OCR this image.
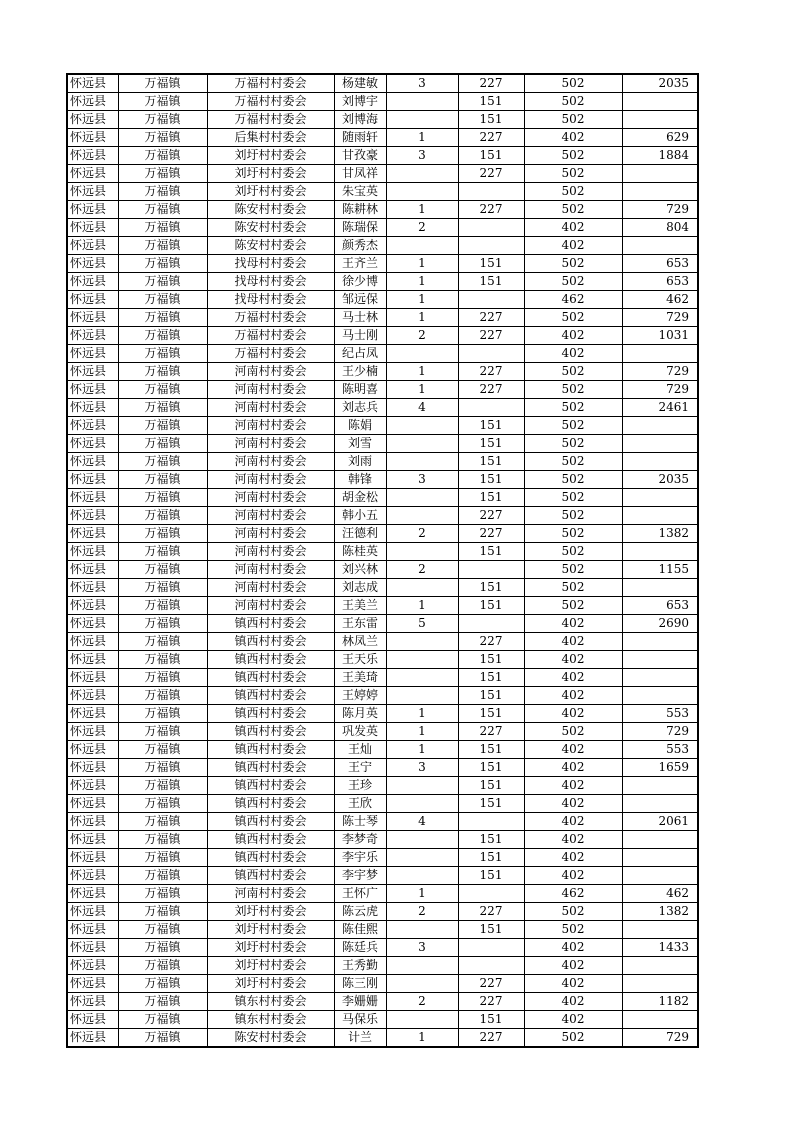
怀远县	万福镇	万福村村委会	杨建敏	3	227	502	2035
怀远县	万福镇	万福村村委会	刘博宇		151	502	
怀远县	万福镇	万福村村委会	刘博海		151	502	
怀远县	万福镇	后集村村委会	随雨轩	1	227	402	629
怀远县	万福镇	刘圩村村委会	甘孜豪	3	151	502	1884
怀远县	万福镇	刘圩村村委会	甘凤祥		227	502	
怀远县	万福镇	刘圩村村委会	朱宝英			502	
怀远县	万福镇	陈安村村委会	陈耕林	1	227	502	729
怀远县	万福镇	陈安村村委会	陈瑞保	2		402	804
怀远县	万福镇	陈安村村委会	颜秀杰			402	
怀远县	万福镇	找母村村委会	王齐兰	1	151	502	653
怀远县	万福镇	找母村村委会	徐少博	1	151	502	653
怀远县	万福镇	找母村村委会	邹远保	1		462	462
怀远县	万福镇	万福村村委会	马士林	1	227	502	729
怀远县	万福镇	万福村村委会	马士刚	2	227	402	1031
怀远县	万福镇	万福村村委会	纪占凤			402	
怀远县	万福镇	河南村村委会	王少楠	1	227	502	729
怀远县	万福镇	河南村村委会	陈明喜	1	227	502	729
怀远县	万福镇	河南村村委会	刘志兵	4		502	2461
怀远县	万福镇	河南村村委会	陈娟		151	502	
怀远县	万福镇	河南村村委会	刘雪		151	502	
怀远县	万福镇	河南村村委会	刘雨		151	502	
怀远县	万福镇	河南村村委会	韩锋	3	151	502	2035
怀远县	万福镇	河南村村委会	胡金松		151	502	
怀远县	万福镇	河南村村委会	韩小五		227	502	
怀远县	万福镇	河南村村委会	汪德利	2	227	502	1382
怀远县	万福镇	河南村村委会	陈桂英		151	502	
怀远县	万福镇	河南村村委会	刘兴林	2		502	1155
怀远县	万福镇	河南村村委会	刘志成		151	502	
怀远县	万福镇	河南村村委会	王美兰	1	151	502	653
怀远县	万福镇	镇西村村委会	王东雷	5		402	2690
怀远县	万福镇	镇西村村委会	林凤兰		227	402	
怀远县	万福镇	镇西村村委会	王天乐		151	402	
怀远县	万福镇	镇西村村委会	王美琦		151	402	
怀远县	万福镇	镇西村村委会	王婷婷		151	402	
怀远县	万福镇	镇西村村委会	陈月英	1	151	402	553
怀远县	万福镇	镇西村村委会	巩发英	1	227	502	729
怀远县	万福镇	镇西村村委会	王灿	1	151	402	553
怀远县	万福镇	镇西村村委会	王宁	3	151	402	1659
怀远县	万福镇	镇西村村委会	王珍		151	402	
怀远县	万福镇	镇西村村委会	王欣		151	402	
怀远县	万福镇	镇西村村委会	陈士琴	4		402	2061
怀远县	万福镇	镇西村村委会	李梦奇		151	402	
怀远县	万福镇	镇西村村委会	李宇乐		151	402	
怀远县	万福镇	镇西村村委会	李宇梦		151	402	
怀远县	万福镇	河南村村委会	王怀广	1		462	462
怀远县	万福镇	刘圩村村委会	陈云虎	2	227	502	1382
怀远县	万福镇	刘圩村村委会	陈佳熙		151	502	
怀远县	万福镇	刘圩村村委会	陈廷兵	3		402	1433
怀远县	万福镇	刘圩村村委会	王秀勤			402	
怀远县	万福镇	刘圩村村委会	陈三刚		227	402	
怀远县	万福镇	镇东村村委会	李姗姗	2	227	402	1182
怀远县	万福镇	镇东村村委会	马保乐		151	402	
怀远县	万福镇	陈安村村委会	计兰	1	227	502	729
